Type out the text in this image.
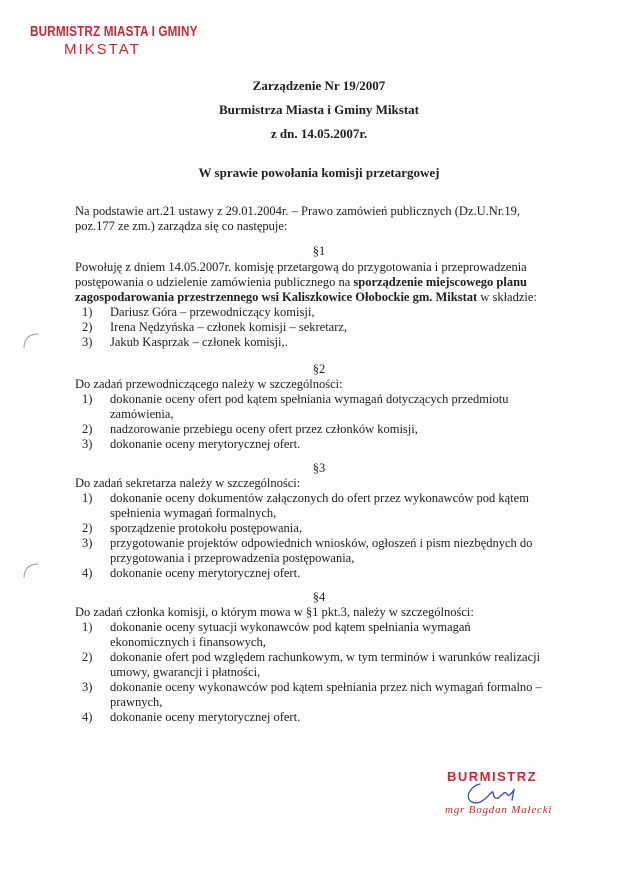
BURMISTRZ MIASTA I GMINY
MIKSTAT
Zarządzenie Nr 19/2007
Burmistrza Miasta i Gminy Mikstat
z dn. 14.05.2007r.
W sprawie powołania komisji przetargowej
Na podstawie art.21 ustawy z 29.01.2004r. – Prawo zamówień publicznych (Dz.U.Nr.19, poz.177 ze zm.) zarządza się co następuje:
§1
Powołuję z dniem 14.05.2007r. komisję przetargową do przygotowania i przeprowadzenia postępowania o udzielenie zamówienia publicznego na sporządzenie miejscowego planu zagospodarowania przestrzennego wsi Kaliszkowice Ołobockie gm. Mikstat w składzie:
1) Dariusz Góra – przewodniczący komisji,
2) Irena Nędzyńska – członek komisji – sekretarz,
3) Jakub Kasprzak – członek komisji,.
§2
Do zadań przewodniczącego należy w szczególności:
1) dokonanie oceny ofert pod kątem spełniania wymagań dotyczących przedmiotu zamówienia,
2) nadzorowanie przebiegu oceny ofert przez członków komisji,
3) dokonanie oceny merytorycznej ofert.
§3
Do zadań sekretarza należy w szczególności:
1) dokonanie oceny dokumentów załączonych do ofert przez wykonawców pod kątem spełnienia wymagań formalnych,
2) sporządzenie protokołu postępowania,
3) przygotowanie projektów odpowiednich wniosków, ogłoszeń i pism niezbędnych do przygotowania i przeprowadzenia postępowania,
4) dokonanie oceny merytorycznej ofert.
§4
Do zadań członka komisji, o którym mowa w §1 pkt.3, należy w szczególności:
1) dokonanie oceny sytuacji wykonawców pod kątem spełniania wymagań ekonomicznych i finansowych,
2) dokonanie ofert pod względem rachunkowym, w tym terminów i warunków realizacji umowy, gwarancji i płatności,
3) dokonanie oceny wykonawców pod kątem spełniania przez nich wymagań formalno – prawnych,
4) dokonanie oceny merytorycznej ofert.
BURMISTRZ
mgr Bogdan Małecki
